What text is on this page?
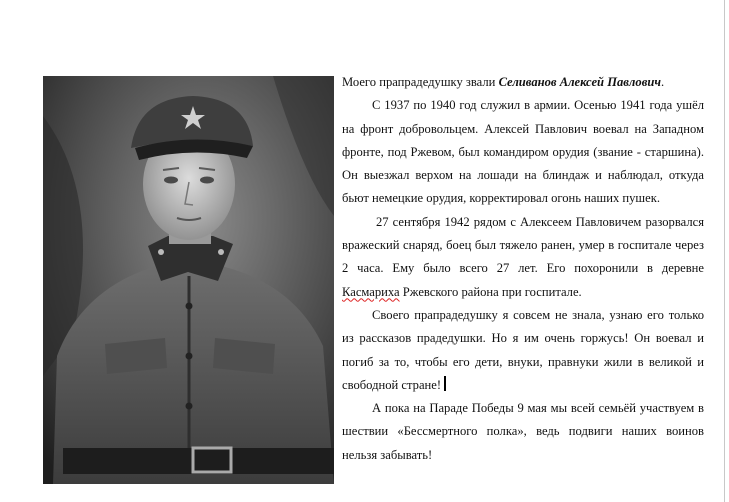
Моего прапрадедушку звали Селиванов Алексей Павлович.

С 1937 по 1940 год служил в армии. Осенью 1941 года ушёл на фронт добровольцем. Алексей Павлович воевал на Западном фронте, под Ржевом, был командиром орудия (звание - старшина). Он выезжал верхом на лошади на блиндаж и наблюдал, откуда бьют немецкие орудия, корректировал огонь наших пушек.

27 сентября 1942 рядом с Алексеем Павловичем разорвался вражеский снаряд, боец был тяжело ранен, умер в госпитале через 2 часа. Ему было всего 27 лет. Его похоронили в деревне Касмариха Ржевского района при госпитале.

Своего прапрадедушку я совсем не знала, узнаю его только из рассказов прадедушки. Но я им очень горжусь! Он воевал и погиб за то, чтобы его дети, внуки, правнуки жили в великой и свободной стране!

А пока на Параде Победы 9 мая мы всей семьёй участвуем в шествии «Бессмертного полка», ведь подвиги наших воинов нельзя забывать!
